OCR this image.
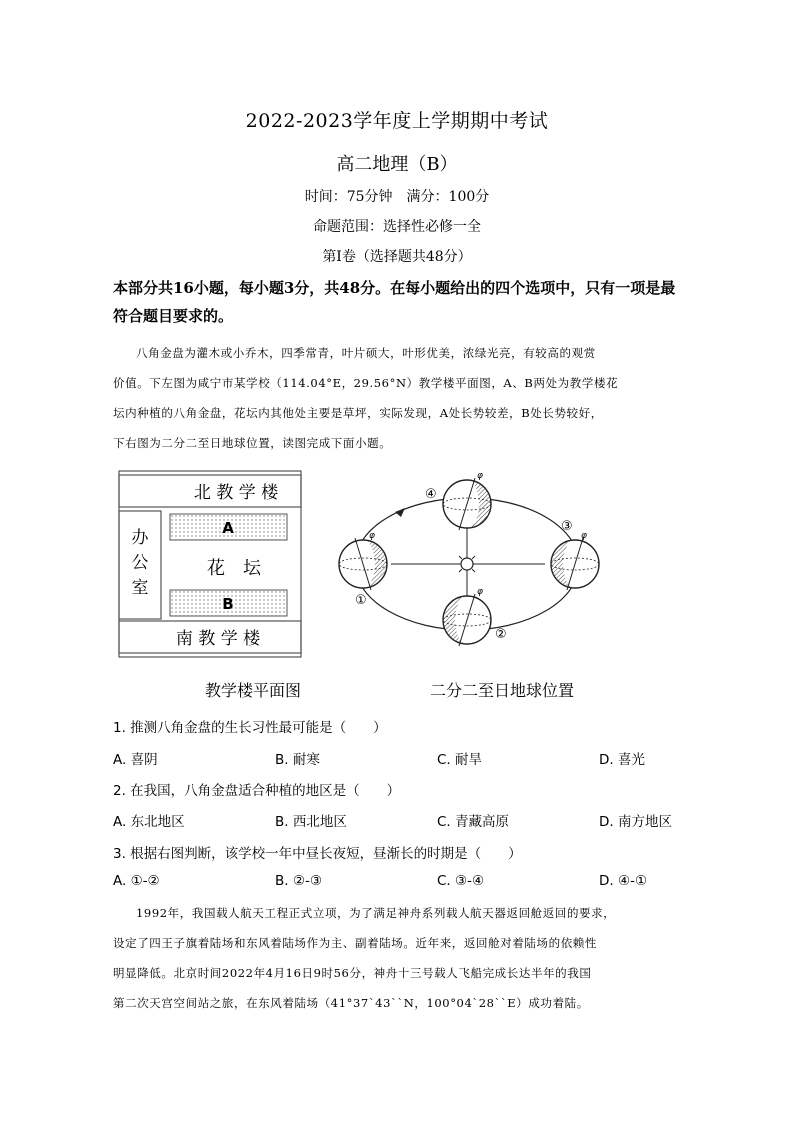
2022-2023学年度上学期期中考试
高二地理（B）
时间：75分钟　满分：100分
命题范围：选择性必修一全
第Ⅰ卷（选择题共48分）
本部分共16小题，每小题3分，共48分。在每小题给出的四个选项中，只有一项是最符合题目要求的。
八角金盘为灌木或小乔木，四季常青，叶片硕大，叶形优美，浓绿光亮，有较高的观赏
价值。下左图为咸宁市某学校（114.04°E，29.56°N）教学楼平面图，A、B两处为教学楼花
坛内种植的八角金盘，花坛内其他处主要是草坪，实际发现，A处长势较差，B处长势较好，
下右图为二分二至日地球位置，读图完成下面小题。
北 教 学 楼
办
公
室
A
花　坛
B
南 教 学 楼
教学楼平面图
φ
φ
φ
φ
①
②
③
④
二分二至日地球位置
1. 推测八角金盘的生长习性最可能是（　　）
A. 喜阴	B. 耐寒	C. 耐旱	D. 喜光
2. 在我国，八角金盘适合种植的地区是（　　）
A. 东北地区	B. 西北地区	C. 青藏高原	D. 南方地区
3. 根据右图判断，该学校一年中昼长夜短，昼渐长的时期是（　　）
A. ①-②	B. ②-③	C. ③-④	D. ④-①
1992年，我国载人航天工程正式立项，为了满足神舟系列载人航天器返回舱返回的要求，
设定了四王子旗着陆场和东风着陆场作为主、副着陆场。近年来，返回舱对着陆场的依赖性
明显降低。北京时间2022年4月16日9时56分，神舟十三号载人飞船完成长达半年的我国
第二次天宫空间站之旅，在东风着陆场（41°37`43``N，100°04`28``E）成功着陆。
